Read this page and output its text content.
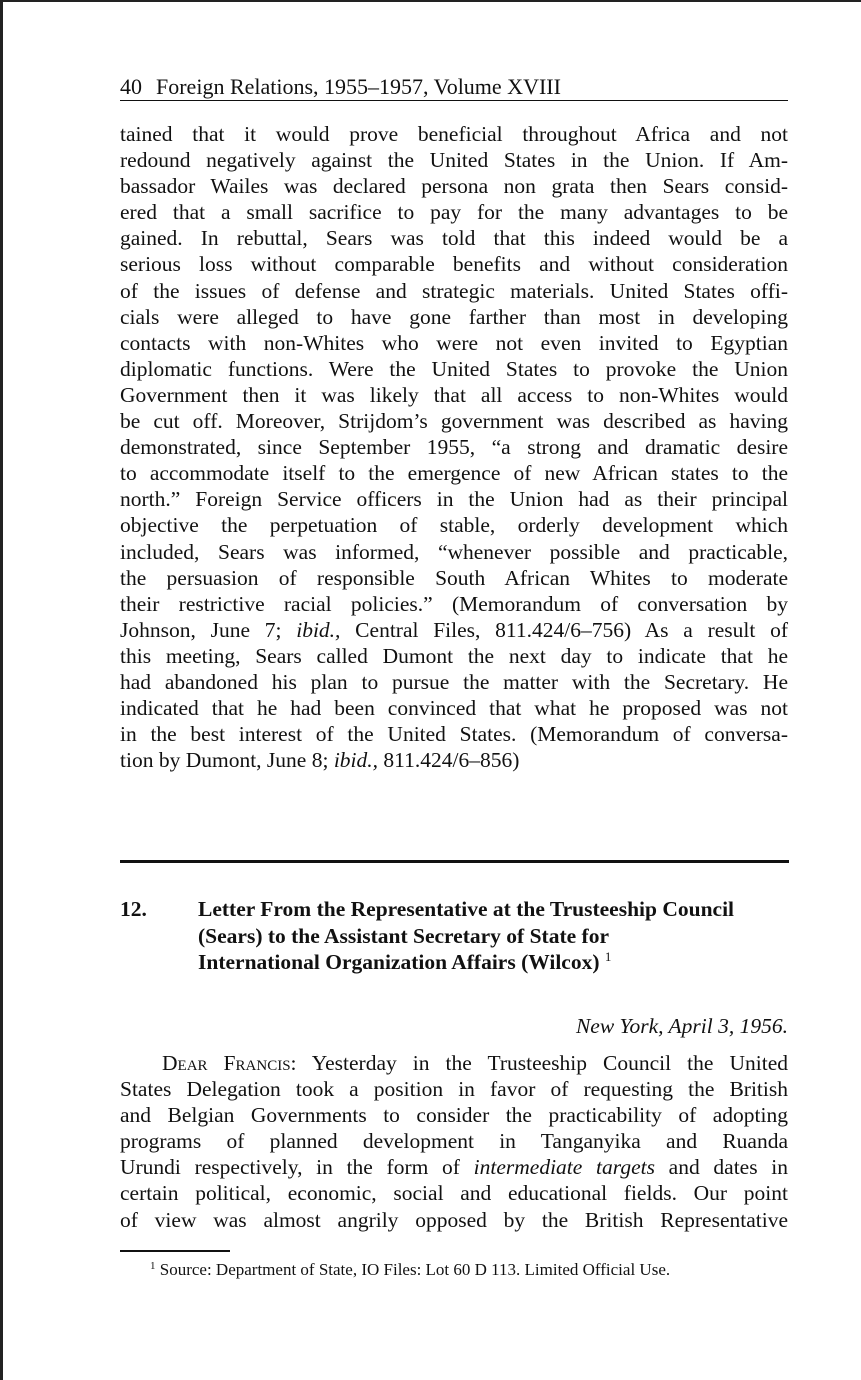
40 Foreign Relations, 1955–1957, Volume XVIII
tained that it would prove beneficial throughout Africa and not
redound negatively against the United States in the Union. If Am-
bassador Wailes was declared persona non grata then Sears consid-
ered that a small sacrifice to pay for the many advantages to be
gained. In rebuttal, Sears was told that this indeed would be a
serious loss without comparable benefits and without consideration
of the issues of defense and strategic materials. United States offi-
cials were alleged to have gone farther than most in developing
contacts with non-Whites who were not even invited to Egyptian
diplomatic functions. Were the United States to provoke the Union
Government then it was likely that all access to non-Whites would
be cut off. Moreover, Strijdom’s government was described as having
demonstrated, since September 1955, “a strong and dramatic desire
to accommodate itself to the emergence of new African states to the
north.” Foreign Service officers in the Union had as their principal
objective the perpetuation of stable, orderly development which
included, Sears was informed, “whenever possible and practicable,
the persuasion of responsible South African Whites to moderate
their restrictive racial policies.” (Memorandum of conversation by
Johnson, June 7; ibid., Central Files, 811.424/6–756) As a result of
this meeting, Sears called Dumont the next day to indicate that he
had abandoned his plan to pursue the matter with the Secretary. He
indicated that he had been convinced that what he proposed was not
in the best interest of the United States. (Memorandum of conversa-
tion by Dumont, June 8; ibid., 811.424/6–856)
12. Letter From the Representative at the Trusteeship Council
(Sears) to the Assistant Secretary of State for
International Organization Affairs (Wilcox) $^1$
New York, April 3, 1956.
Dear Francis: Yesterday in the Trusteeship Council the United
States Delegation took a position in favor of requesting the British
and Belgian Governments to consider the practicability of adopting
programs of planned development in Tanganyika and Ruanda
Urundi respectively, in the form of intermediate targets and dates in
certain political, economic, social and educational fields. Our point
of view was almost angrily opposed by the British Representative
$^1$ Source: Department of State, IO Files: Lot 60 D 113. Limited Official Use.
